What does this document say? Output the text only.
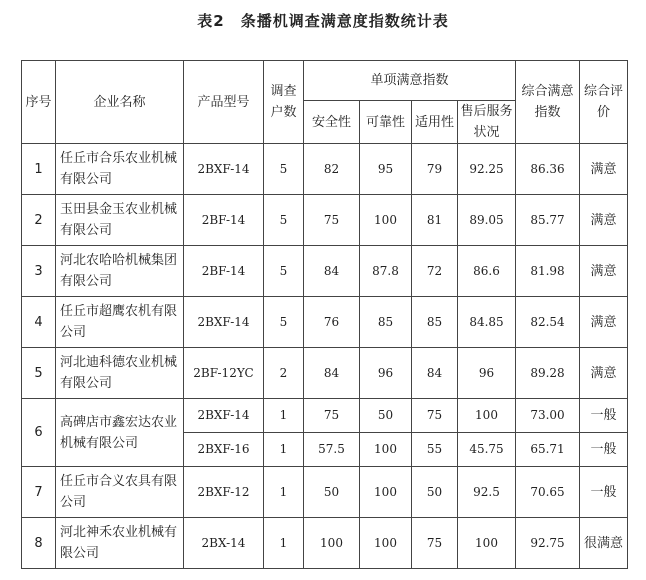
表2　条播机调查满意度指数统计表
序号	企业名称	产品型号	调查户数	单项满意指数				综合满意指数	综合评价
				安全性	可靠性	适用性	售后服务状况		
1	任丘市合乐农业机械有限公司	2BXF-14	5	82	95	79	92.25	86.36	满意
2	玉田县金玉农业机械有限公司	2BF-14	5	75	100	81	89.05	85.77	满意
3	河北农哈哈机械集团有限公司	2BF-14	5	84	87.8	72	86.6	81.98	满意
4	任丘市超鹰农机有限公司	2BXF-14	5	76	85	85	84.85	82.54	满意
5	河北迪科德农业机械有限公司	2BF-12YC	2	84	96	84	96	89.28	满意
6	高碑店市鑫宏达农业机械有限公司	2BXF-14	1	75	50	75	100	73.00	一般
		2BXF-16	1	57.5	100	55	45.75	65.71	一般
7	任丘市合义农具有限公司	2BXF-12	1	50	100	50	92.5	70.65	一般
8	河北神禾农业机械有限公司	2BX-14	1	100	100	75	100	92.75	很满意
